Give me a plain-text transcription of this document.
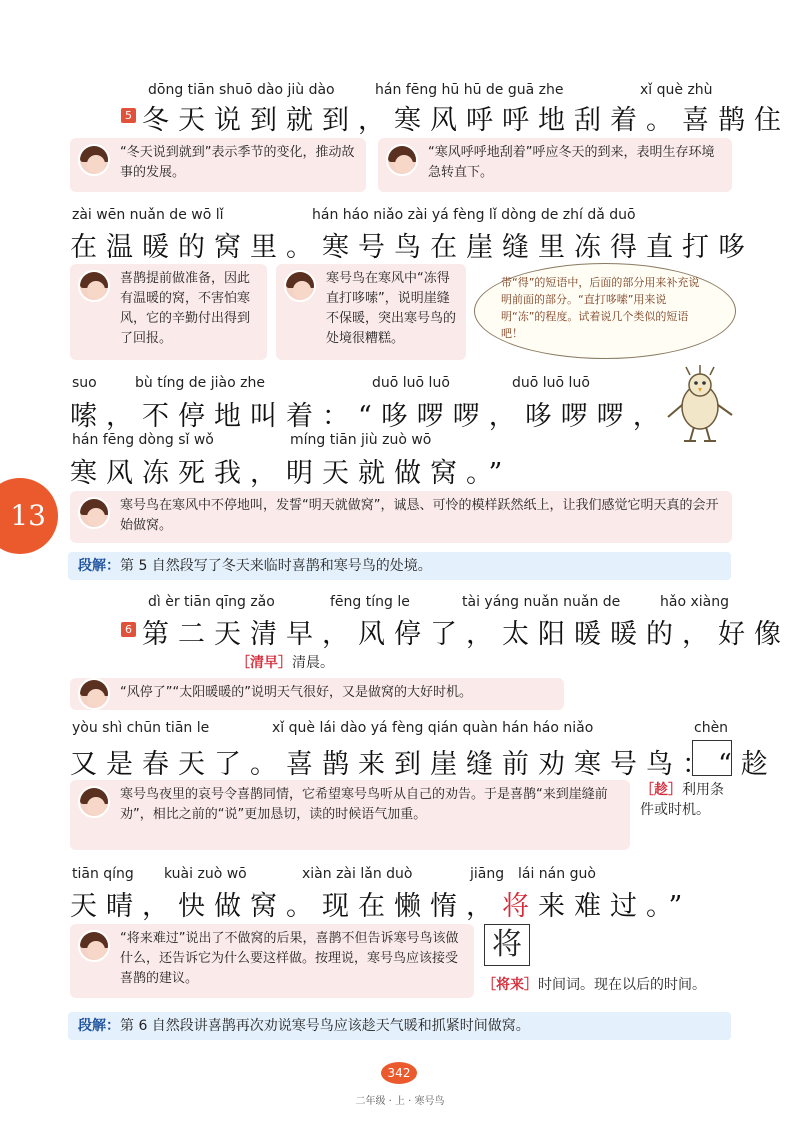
13
dōng tiān shuō dào jiù dào	hán fēng hū hū de guā zhe	xǐ què zhù
5 冬天说到就到，寒风呼呼地刮着。喜鹊住
“冬天说到就到”表示季节的变化，推动故事的发展。
“寒风呼呼地刮着”呼应冬天的到来，表明生存环境急转直下。
zài wēn nuǎn de wō lǐ	hán háo niǎo zài yá fèng lǐ dòng de zhí dǎ duō
在温暖的窝里。寒号鸟在崖缝里冻得直打哆
喜鹊提前做准备，因此有温暖的窝，不害怕寒风，它的辛勤付出得到了回报。
寒号鸟在寒风中“冻得直打哆嗦”，说明崖缝不保暖，突出寒号鸟的处境很糟糕。
带“得”的短语中，后面的部分用来补充说明前面的部分。“直打哆嗦”用来说明“冻”的程度。试着说几个类似的短语吧！
suo	bù tíng de jiào zhe	duō luō luō	duō luō luō
嗦，不停地叫着：“哆啰啰，哆啰啰，
hán fēng dòng sǐ wǒ	míng tiān jiù zuò wō
寒风冻死我，明天就做窝。”
寒号鸟在寒风中不停地叫，发誓“明天就做窝”，诚恳、可怜的模样跃然纸上，让我们感觉它明天真的会开始做窝。
段解：第 5 自然段写了冬天来临时喜鹊和寒号鸟的处境。
dì èr tiān qīng zǎo	fēng tíng le	tài yáng nuǎn nuǎn de	hǎo xiàng
6 第二天清早，风停了，太阳暖暖的，好像
［清早］清晨。
“风停了”“太阳暖暖的”说明天气很好，又是做窝的大好时机。
yòu shì chūn tiān le	xǐ què lái dào yá fèng qián quàn hán háo niǎo	chèn
又是春天了。喜鹊来到崖缝前劝寒号鸟：“趁
［趁］利用条件或时机。
寒号鸟夜里的哀号令喜鹊同情，它希望寒号鸟听从自己的劝告。于是喜鹊“来到崖缝前劝”，相比之前的“说”更加恳切，读的时候语气加重。
tiān qíng kuài zuò wō	xiàn zài lǎn duò	jiāng lái nán guò
天晴，快做窝。现在懒惰，将来难过。”
将
“将来难过”说出了不做窝的后果，喜鹊不但告诉寒号鸟该做什么，还告诉它为什么要这样做。按理说，寒号鸟应该接受喜鹊的建议。	［将来］时间词。现在以后的时间。
段解：第 6 自然段讲喜鹊再次劝说寒号鸟应该趁天气暖和抓紧时间做窝。
342
二年级 · 上 · 寒号鸟
